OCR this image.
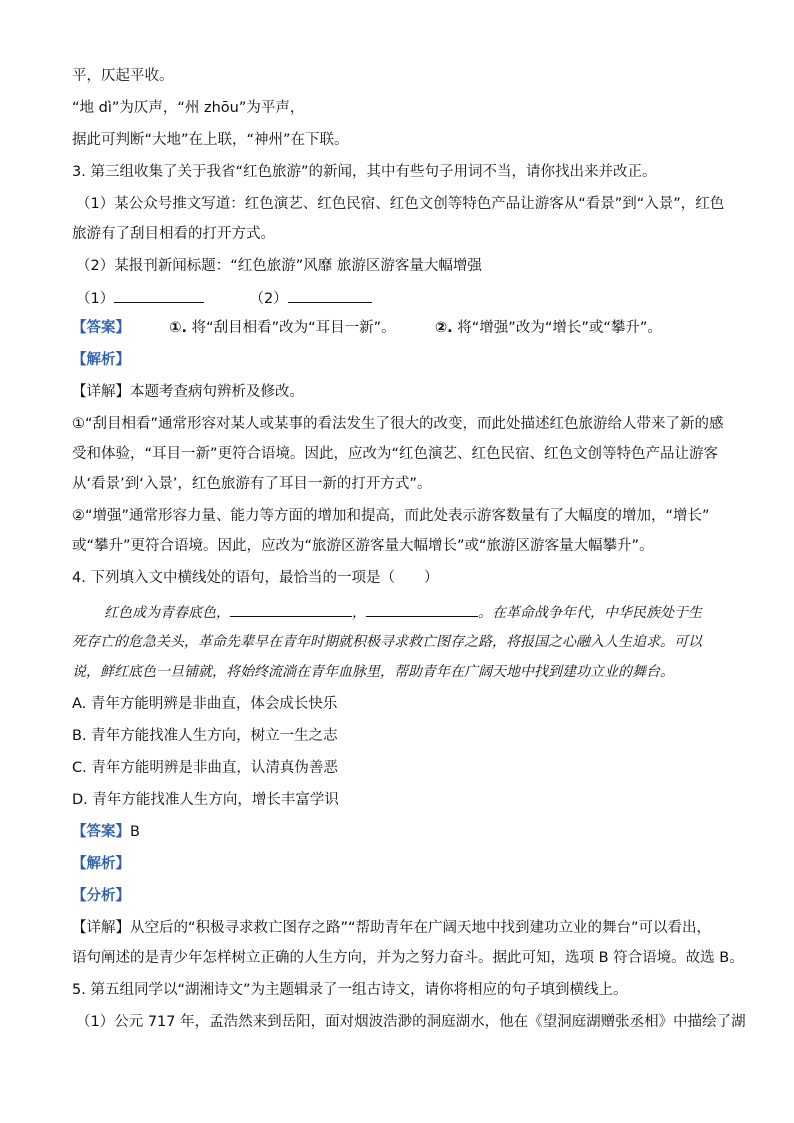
平，仄起平收。
“地 dì”为仄声，“州 zhōu”为平声，
据此可判断“大地”在上联，“神州”在下联。
3. 第三组收集了关于我省“红色旅游”的新闻，其中有些句子用词不当，请你找出来并改正。
（1）某公众号推文写道：红色演艺、红色民宿、红色文创等特色产品让游客从“看景”到“入景”，红色
旅游有了刮目相看的打开方式。
（2）某报刊新闻标题：“红色旅游”风靡 旅游区游客量大幅增强
（1）	（2）
【答案】	①. 将“刮目相看”改为“耳目一新”。	②. 将“增强”改为“增长”或“攀升”。
【解析】
【详解】本题考查病句辨析及修改。
①“刮目相看”通常形容对某人或某事的看法发生了很大的改变，而此处描述红色旅游给人带来了新的感
受和体验，“耳目一新”更符合语境。因此，应改为“红色演艺、红色民宿、红色文创等特色产品让游客
从‘看景’到‘入景’，红色旅游有了耳目一新的打开方式”。
②“增强”通常形容力量、能力等方面的增加和提高，而此处表示游客数量有了大幅度的增加，“增长”
或“攀升”更符合语境。因此，应改为“旅游区游客量大幅增长”或“旅游区游客量大幅攀升”。
4. 下列填入文中横线处的语句，最恰当的一项是（　　）
红色成为青春底色，	，	。在革命战争年代，中华民族处于生
死存亡的危急关头，革命先辈早在青年时期就积极寻求救亡图存之路，将报国之心融入人生追求。可以
说，鲜红底色一旦铺就，将始终流淌在青年血脉里，帮助青年在广阔天地中找到建功立业的舞台。
A. 青年方能明辨是非曲直，体会成长快乐
B. 青年方能找准人生方向，树立一生之志
C. 青年方能明辨是非曲直，认清真伪善恶
D. 青年方能找准人生方向，增长丰富学识
【答案】B
【解析】
【分析】
【详解】从空后的“积极寻求救亡图存之路”“帮助青年在广阔天地中找到建功立业的舞台”可以看出，
语句阐述的是青少年怎样树立正确的人生方向，并为之努力奋斗。据此可知，选项 B 符合语境。故选 B。
5. 第五组同学以“湖湘诗文”为主题辑录了一组古诗文，请你将相应的句子填到横线上。
（1）公元 717 年，孟浩然来到岳阳，面对烟波浩渺的洞庭湖水，他在《望洞庭湖赠张丞相》中描绘了湖
